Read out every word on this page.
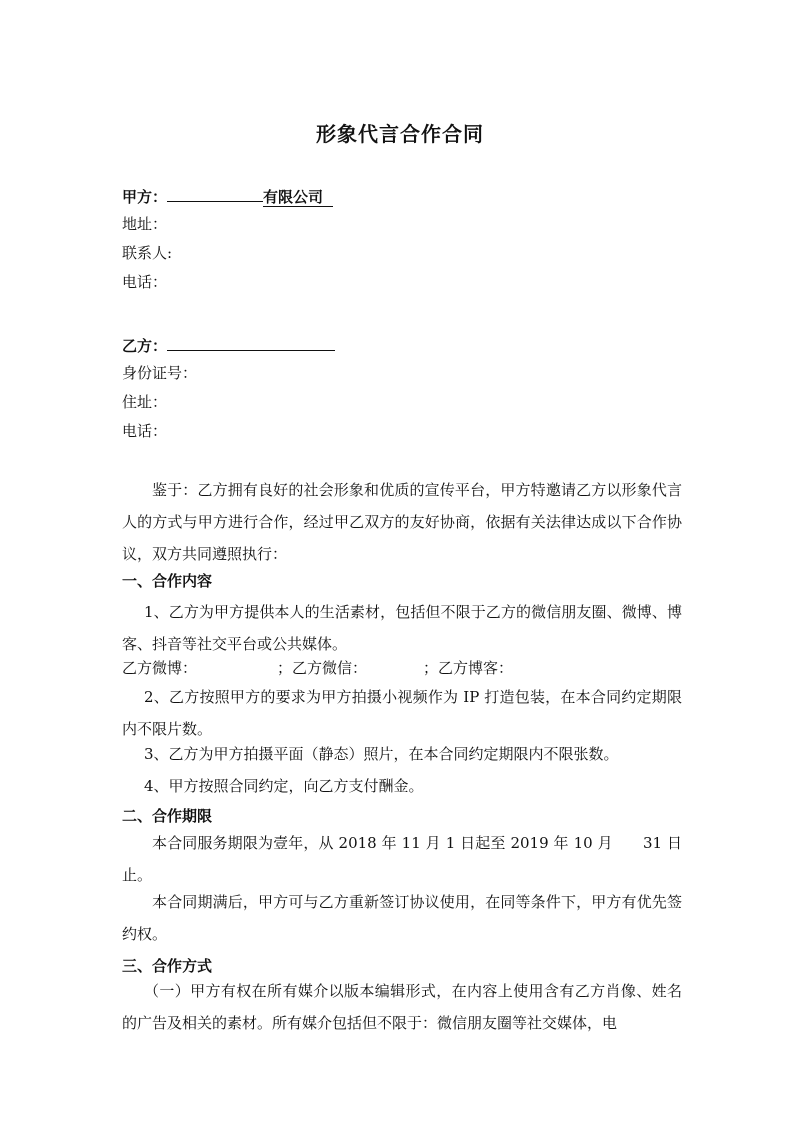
形象代言合作合同
甲方：	有限公司
地址：
联系人:
电话：
乙方：
身份证号：
住址：
电话：
鉴于：乙方拥有良好的社会形象和优质的宣传平台，甲方特邀请乙方以形象代言人的方式与甲方进行合作，经过甲乙双方的友好协商，依据有关法律达成以下合作协议，双方共同遵照执行：
一、合作内容
1、乙方为甲方提供本人的生活素材，包括但不限于乙方的微信朋友圈、微博、博客、抖音等社交平台或公共媒体。
乙方微博：	；乙方微信：	；乙方博客：
2、乙方按照甲方的要求为甲方拍摄小视频作为 IP 打造包装，在本合同约定期限内不限片数。
3、乙方为甲方拍摄平面（静态）照片，在本合同约定期限内不限张数。
4、甲方按照合同约定，向乙方支付酬金。
二、合作期限
本合同服务期限为壹年，从 2018 年 11 月 1 日起至 2019 年 10 月　　31 日止。
本合同期满后，甲方可与乙方重新签订协议使用，在同等条件下，甲方有优先签约权。
三、合作方式
（一）甲方有权在所有媒介以版本编辑形式，在内容上使用含有乙方肖像、姓名的广告及相关的素材。所有媒介包括但不限于：微信朋友圈等社交媒体，电
